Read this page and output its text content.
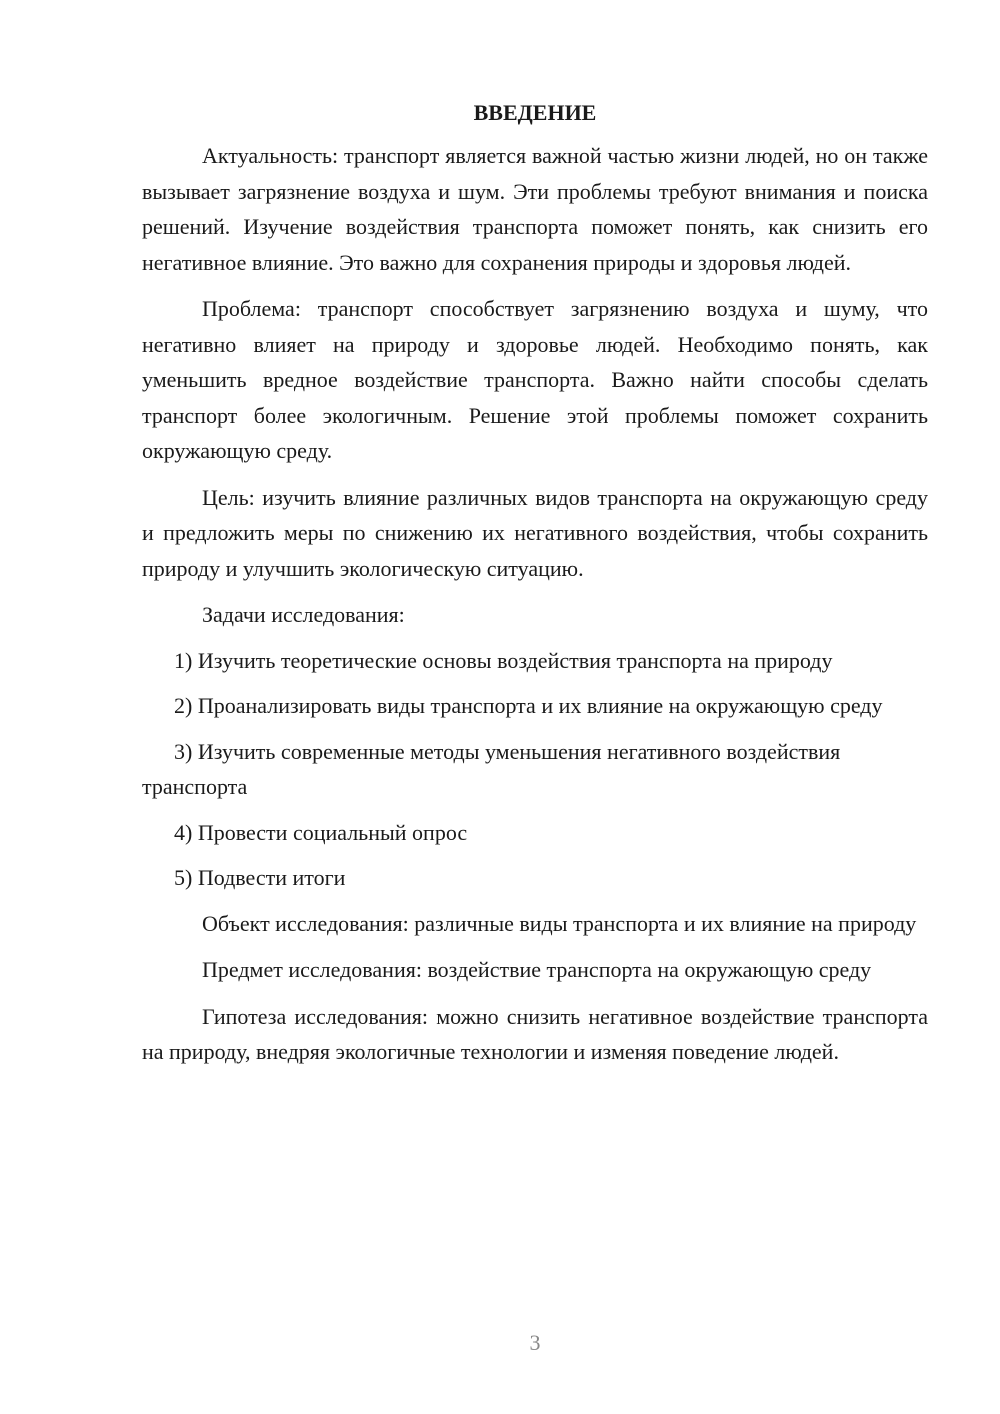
ВВЕДЕНИЕ

Актуальность: транспорт является важной частью жизни людей, но он также вызывает загрязнение воздуха и шум. Эти проблемы требуют внимания и поиска решений. Изучение воздействия транспорта поможет понять, как снизить его негативное влияние. Это важно для сохранения природы и здоровья людей.

Проблема: транспорт способствует загрязнению воздуха и шуму, что негативно влияет на природу и здоровье людей. Необходимо понять, как уменьшить вредное воздействие транспорта. Важно найти способы сделать транспорт более экологичным. Решение этой проблемы поможет сохранить окружающую среду.

Цель: изучить влияние различных видов транспорта на окружающую среду и предложить меры по снижению их негативного воздействия, чтобы сохранить природу и улучшить экологическую ситуацию.

Задачи исследования:

1) Изучить теоретические основы воздействия транспорта на природу

2) Проанализировать виды транспорта и их влияние на окружающую среду

3) Изучить современные методы уменьшения негативного воздействия транспорта

4) Провести социальный опрос

5) Подвести итоги

Объект исследования: различные виды транспорта и их влияние на природу

Предмет исследования: воздействие транспорта на окружающую среду

Гипотеза исследования: можно снизить негативное воздействие транспорта на природу, внедряя экологичные технологии и изменяя поведение людей.

3
